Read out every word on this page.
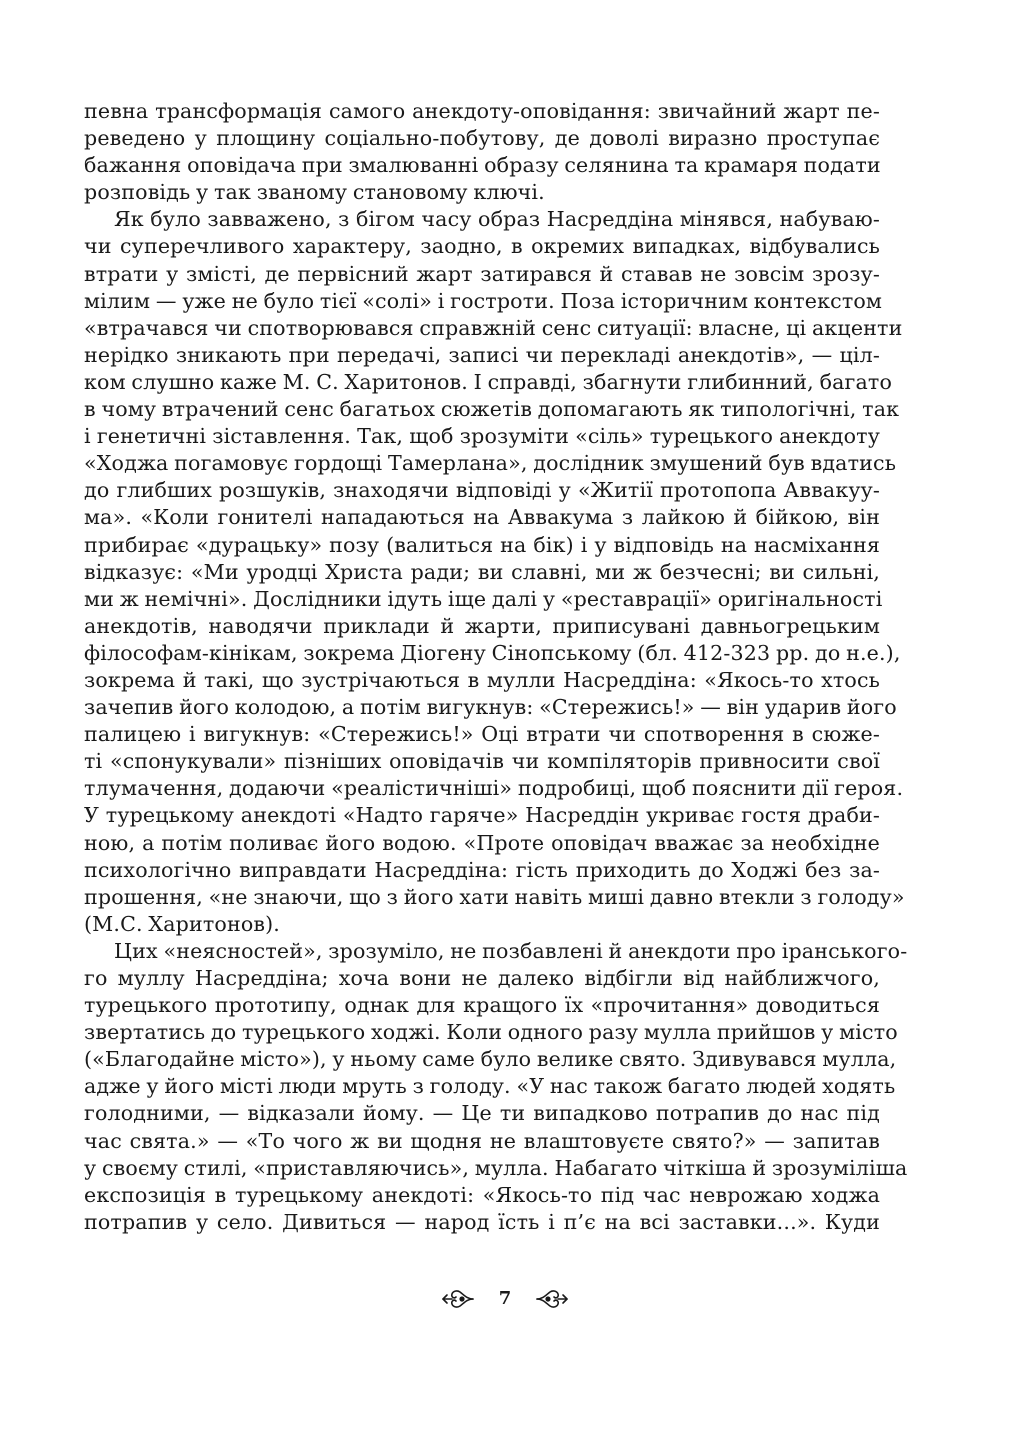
певна трансформація самого анекдоту-оповідання: звичайний жарт пе-
реведено у площину соціально-побутову, де доволі виразно проступає
бажання оповідача при змалюванні образу селянина та крамаря подати
розповідь у так званому становому ключі.
Як було завважено, з бігом часу образ Насреддіна мінявся, набуваю-
чи суперечливого характеру, заодно, в окремих випадках, відбувались
втрати у змісті, де первісний жарт затирався й ставав не зовсім зрозу-
мілим — уже не було тієї «солі» і гостроти. Поза історичним контекстом
«втрачався чи спотворювався справжній сенс ситуації: власне, ці акценти
нерідко зникають при передачі, записі чи перекладі анекдотів», — ціл-
ком слушно каже М. С. Харитонов. І справді, збагнути глибинний, багато
в чому втрачений сенс багатьох сюжетів допомагають як типологічні, так
і генетичні зіставлення. Так, щоб зрозуміти «сіль» турецького анекдоту
«Ходжа погамовує гордощі Тамерлана», дослідник змушений був вдатись
до глибших розшуків, знаходячи відповіді у «Житії протопопа Аввакуу-
ма». «Коли гонителі нападаються на Аввакума з лайкою й бійкою, він
прибирає «дурацьку» позу (валиться на бік) і у відповідь на насміхання
відказує: «Ми уродці Христа ради; ви славні, ми ж безчесні; ви сильні,
ми ж немічні». Дослідники ідуть іще далі у «реставрації» оригінальності
анекдотів, наводячи приклади й жарти, приписувані давньогрецьким
філософам-кінікам, зокрема Діогену Сінопському (бл. 412-323 рр. до н.е.),
зокрема й такі, що зустрічаються в мулли Насреддіна: «Якось-то хтось
зачепив його колодою, а потім вигукнув: «Стережись!» — він ударив його
палицею і вигукнув: «Стережись!» Оці втрати чи спотворення в сюже-
ті «спонукували» пізніших оповідачів чи компіляторів привносити свої
тлумачення, додаючи «реалістичніші» подробиці, щоб пояснити дії героя.
У турецькому анекдоті «Надто гаряче» Насреддін укриває гостя драби-
ною, а потім поливає його водою. «Проте оповідач вважає за необхідне
психологічно виправдати Насреддіна: гість приходить до Ходжі без за-
прошення, «не знаючи, що з його хати навіть миші давно втекли з голоду»
(М.С. Харитонов).
Цих «неясностей», зрозуміло, не позбавлені й анекдоти про іранського-
го муллу Насреддіна; хоча вони не далеко відбігли від найближчого,
турецького прототипу, однак для кращого їх «прочитання» доводиться
звертатись до турецького ходжі. Коли одного разу мулла прийшов у місто
(«Благодайне місто»), у ньому саме було велике свято. Здивувався мулла,
адже у його місті люди мруть з голоду. «У нас також багато людей ходять
голодними, — відказали йому. — Це ти випадково потрапив до нас під
час свята.» — «То чого ж ви щодня не влаштовуєте свято?» — запитав
у своєму стилі, «приставляючись», мулла. Набагато чіткіша й зрозуміліша
експозиція в турецькому анекдоті: «Якось-то під час неврожаю ходжа
потрапив у село. Дивиться — народ їсть і п’є на всі заставки...». Куди
7
